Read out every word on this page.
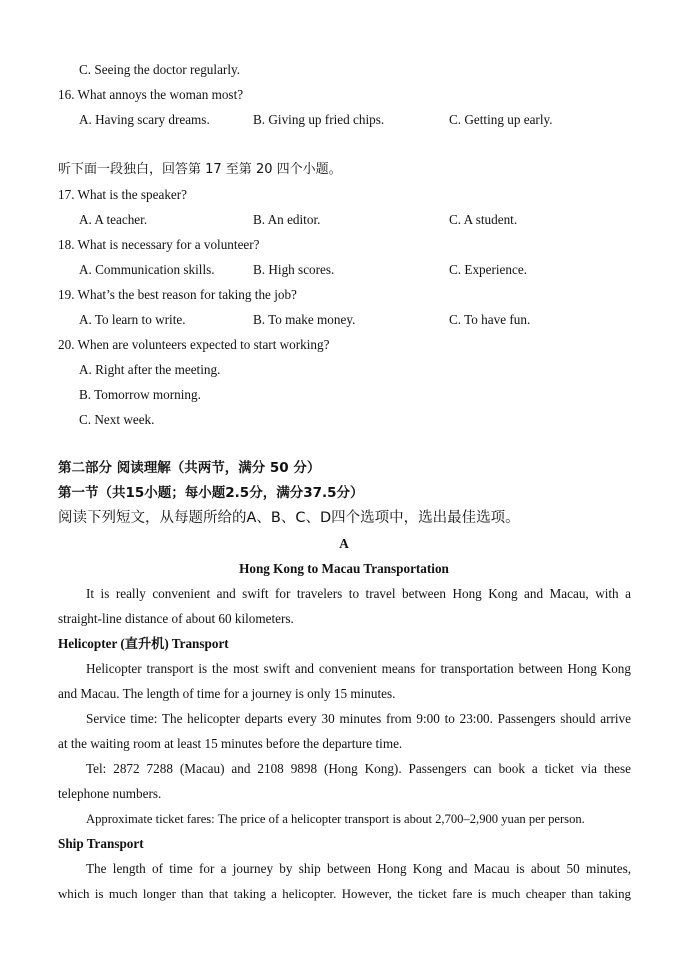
C. Seeing the doctor regularly.
16. What annoys the woman most?
A. Having scary dreams.	B. Giving up fried chips.	C. Getting up early.
听下面一段独白，回答第 17 至第 20 四个小题。
17. What is the speaker?
A. A teacher.	B. An editor.	C. A student.
18. What is necessary for a volunteer?
A. Communication skills.	B. High scores.	C. Experience.
19. What’s the best reason for taking the job?
A. To learn to write.	B. To make money.	C. To have fun.
20. When are volunteers expected to start working?
A. Right after the meeting.
B. Tomorrow morning.
C. Next week.
第二部分 阅读理解（共两节，满分 50 分）
第一节（共15小题；每小题2.5分，满分37.5分）
阅读下列短文，从每题所给的A、B、C、D四个选项中，选出最佳选项。
A
Hong Kong to Macau Transportation
It is really convenient and swift for travelers to travel between Hong Kong and Macau, with a
straight-line distance of about 60 kilometers.
Helicopter (直升机) Transport
Helicopter transport is the most swift and convenient means for transportation between Hong Kong
and Macau. The length of time for a journey is only 15 minutes.
Service time: The helicopter departs every 30 minutes from 9:00 to 23:00. Passengers should arrive
at the waiting room at least 15 minutes before the departure time.
Tel: 2872 7288 (Macau) and 2108 9898 (Hong Kong). Passengers can book a ticket via these
telephone numbers.
Approximate ticket fares: The price of a helicopter transport is about 2,700–2,900 yuan per person.
Ship Transport
The length of time for a journey by ship between Hong Kong and Macau is about 50 minutes,
which is much longer than that taking a helicopter. However, the ticket fare is much cheaper than taking
